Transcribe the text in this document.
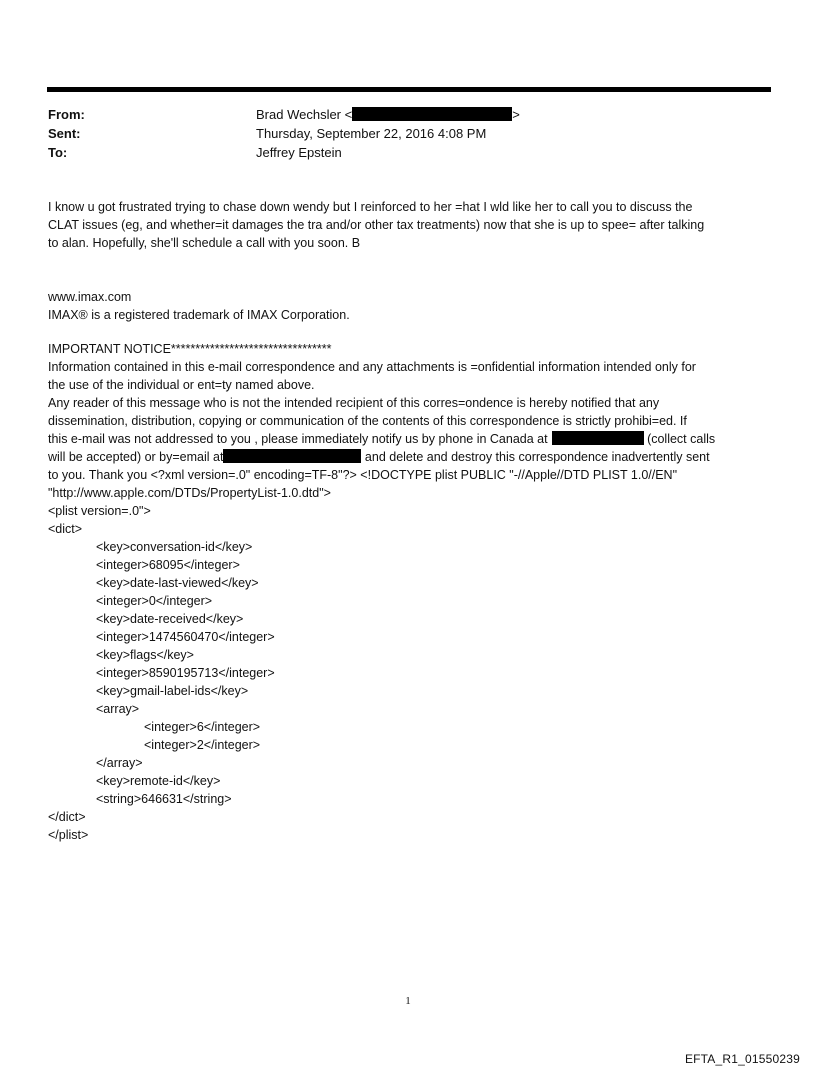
From:	Brad Wechsler <	>
Sent:	Thursday, September 22, 2016 4:08 PM
To:	Jeffrey Epstein
I know u got frustrated trying to chase down wendy but I reinforced to her =hat I wld like her to call you to discuss the
CLAT issues (eg, and whether=it damages the tra and/or other tax treatments) now that she is up to spee= after talking
to alan. Hopefully, she'll schedule a call with you soon. B
www.imax.com
IMAX® is a registered trademark of IMAX Corporation.
IMPORTANT NOTICE*********************************
Information contained in this e-mail correspondence and any attachments is =onfidential information intended only for
the use of the individual or ent=ty named above.
Any reader of this message who is not the intended recipient of this corres=ondence is hereby notified that any
dissemination, distribution, copying or communication of the contents of this correspondence is strictly prohibi=ed. If
this e-mail was not addressed to you , please immediately notify us by phone in Canada at	(collect calls
will be accepted) or by=email at	and delete and destroy this correspondence inadvertently sent
to you. Thank you <?xml version=.0" encoding=TF-8"?> <!DOCTYPE plist PUBLIC "-//Apple//DTD PLIST 1.0//EN"
"http://www.apple.com/DTDs/PropertyList-1.0.dtd">
<plist version=.0">
<dict>
<key>conversation-id</key>
<integer>68095</integer>
<key>date-last-viewed</key>
<integer>0</integer>
<key>date-received</key>
<integer>1474560470</integer>
<key>flags</key>
<integer>8590195713</integer>
<key>gmail-label-ids</key>
<array>
<integer>6</integer>
<integer>2</integer>
</array>
<key>remote-id</key>
<string>646631</string>
</dict>
</plist>
1
EFTA_R1_01550239
